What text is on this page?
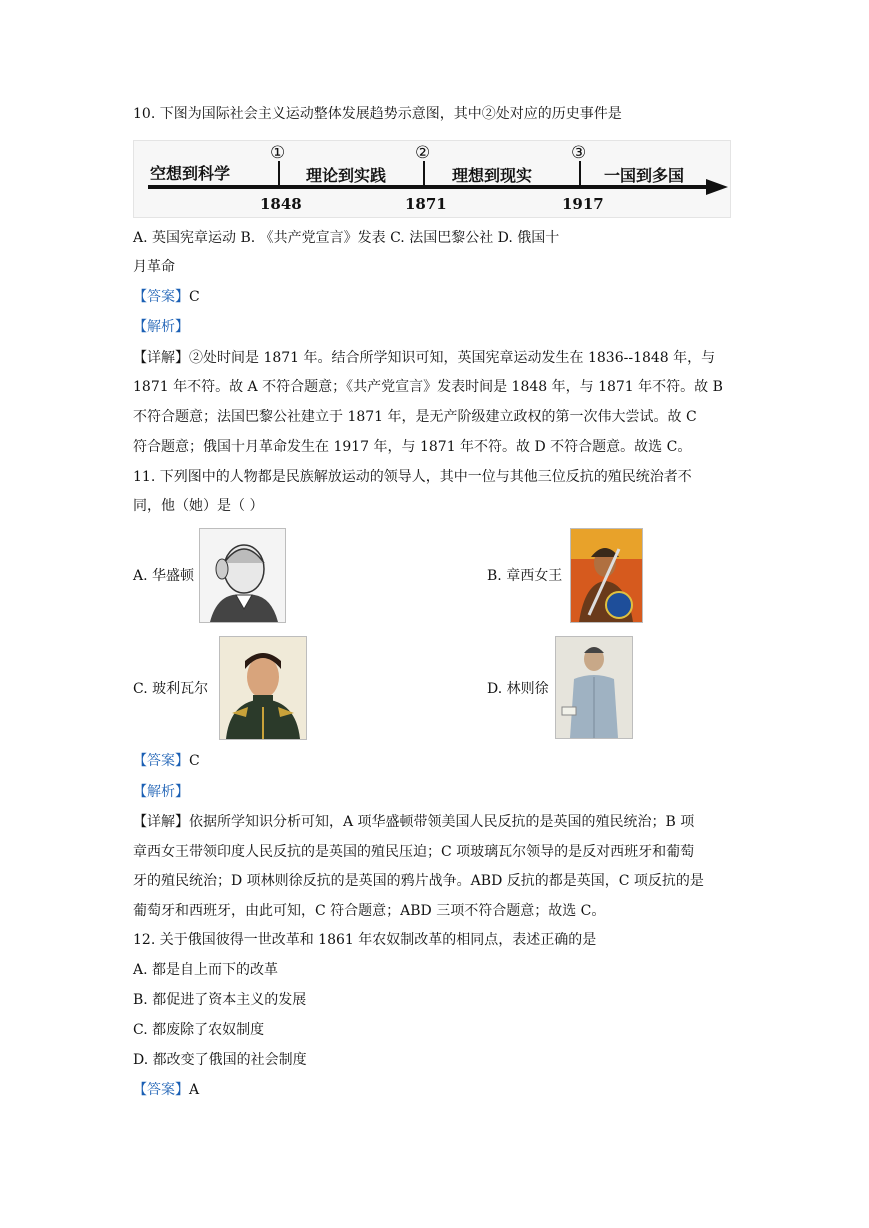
10. 下图为国际社会主义运动整体发展趋势示意图，其中②处对应的历史事件是
空想到科学	理论到实践	理想到现实	一国到多国
①	②	③
1848	1871	1917
A. 英国宪章运动 B. 《共产党宣言》发表 C. 法国巴黎公社 D. 俄国十
月革命
【答案】C
【解析】
【详解】②处时间是 1871 年。结合所学知识可知，英国宪章运动发生在 1836--1848 年，与
1871 年不符。故 A 不符合题意；《共产党宣言》发表时间是 1848 年，与 1871 年不符。故 B
不符合题意；法国巴黎公社建立于 1871 年，是无产阶级建立政权的第一次伟大尝试。故 C
符合题意；俄国十月革命发生在 1917 年，与 1871 年不符。故 D 不符合题意。故选 C。
11. 下列图中的人物都是民族解放运动的领导人，其中一位与其他三位反抗的殖民统治者不
同，他（她）是（ ）
A. 华盛顿	B. 章西女王
C. 玻利瓦尔	D. 林则徐
【答案】C
【解析】
【详解】依据所学知识分析可知，A 项华盛顿带领美国人民反抗的是英国的殖民统治；B 项
章西女王带领印度人民反抗的是英国的殖民压迫；C 项玻璃瓦尔领导的是反对西班牙和葡萄
牙的殖民统治；D 项林则徐反抗的是英国的鸦片战争。ABD 反抗的都是英国，C 项反抗的是
葡萄牙和西班牙，由此可知，C 符合题意；ABD 三项不符合题意；故选 C。
12. 关于俄国彼得一世改革和 1861 年农奴制改革的相同点，表述正确的是
A. 都是自上而下的改革
B. 都促进了资本主义的发展
C. 都废除了农奴制度
D. 都改变了俄国的社会制度
【答案】A
